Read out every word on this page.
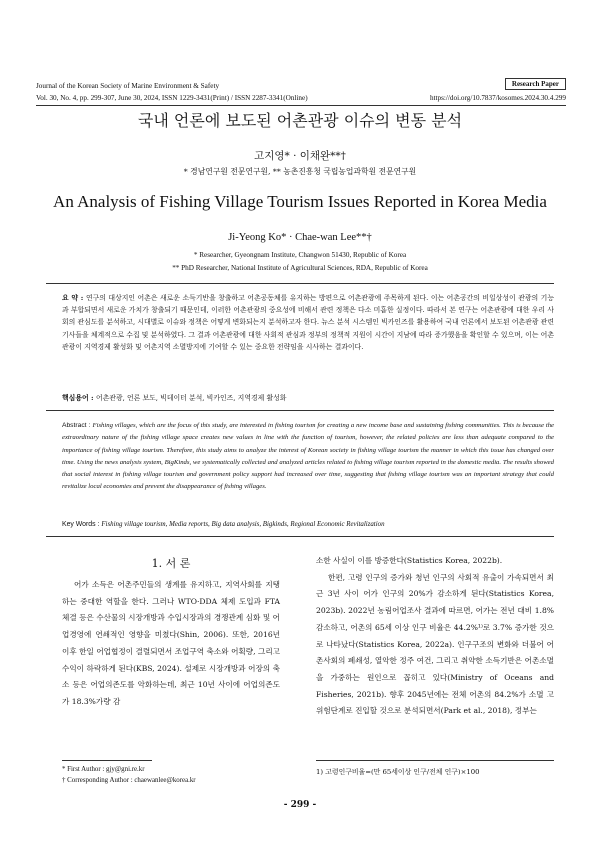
Journal of the Korean Society of Marine Environment & Safety	Research Paper
Vol. 30, No. 4, pp. 299-307, June 30, 2024, ISSN 1229-3431(Print) / ISSN 2287-3341(Online)	https://doi.org/10.7837/kosomes.2024.30.4.299
국내 언론에 보도된 어촌관광 이슈의 변동 분석
고지영* · 이채완**†
* 경남연구원 전문연구원, ** 농촌진흥청 국립농업과학원 전문연구원
An Analysis of Fishing Village Tourism Issues Reported in Korea Media
Ji-Yeong Ko* · Chae-wan Lee**†
* Researcher, Gyeongnam Institute, Changwon 51430, Republic of Korea
** PhD Researcher, National Institute of Agricultural Sciences, RDA, Republic of Korea
요 약 : 연구의 대상지인 어촌은 새로운 소득기반을 창출하고 어촌공동체를 유지하는 방편으로 어촌관광에 주목하게 된다. 이는 어촌공간의 비일상성이 관광의 기능과 부합되면서 새로운 가치가 창출되기 때문인데, 이러한 어촌관광의 중요성에 비해서 관련 정책은 다소 미흡한 실정이다. 따라서 본 연구는 어촌관광에 대한 우리 사회의 관심도를 분석하고, 시대별로 이슈와 정책은 어떻게 변화되는지 분석하고자 한다. 뉴스 분석 시스템인 빅카인즈를 활용하여 국내 언론에서 보도된 어촌관광 관련 기사들을 체계적으로 수집 및 분석하였다. 그 결과 어촌관광에 대한 사회적 관심과 정부의 정책적 지원이 시간이 지남에 따라 증가했음을 확인할 수 있으며, 이는 어촌관광이 지역경제 활성화 및 어촌지역 소멸방지에 기여할 수 있는 중요한 전략임을 시사하는 결과이다.
핵심용어 : 어촌관광, 언론 보도, 빅데이터 분석, 빅카인즈, 지역경제 활성화
Abstract : Fishing villages, which are the focus of this study, are interested in fishing tourism for creating a new income base and sustaining fishing communities. This is because the extraordinary nature of the fishing village space creates new values in line with the function of tourism, however, the related policies are less than adequate compared to the importance of fishing village tourism. Therefore, this study aims to analyze the interest of Korean society in fishing village tourism the manner in which this issue has changed over time. Using the news analysis system, BigKinds, we systematically collected and analyzed articles related to fishing village tourism reported in the domestic media. The results showed that social interest in fishing village tourism and government policy support had increased over time, suggesting that fishing village tourism was an important strategy that could revitalize local economies and prevent the disappearance of fishing villages.
Key Words : Fishing village tourism, Media reports, Big data analysis, Bigkinds, Regional Economic Revitalization
1. 서 론

어가 소득은 어촌주민들의 생계를 유지하고, 지역사회를 지탱하는 중대한 역할을 한다. 그러나 WTO·DDA 체제 도입과 FTA 체결 등은 수산물의 시장개방과 수입시장과의 경쟁관계 심화 및 어업경영에 연쇄적인 영향을 미쳤다(Shin, 2006). 또한, 2016년 이후 한일 어업협정이 결렬되면서 조업구역 축소와 어획량, 그리고 수익이 하락하게 된다(KBS, 2024). 설제로 시장개방과 어장의 축소 등은 어업의존도를 악화하는데, 최근 10년 사이에 어업의존도가 18.3%가량 감

소한 사실이 이를 방증한다(Statistics Korea, 2022b).

한편, 고령 인구의 증가와 청년 인구의 사회적 유출이 가속되면서 최근 3년 사이 어가 인구의 20%가 감소하게 된다(Statistics Korea, 2023b). 2022년 농림어업조사 결과에 따르면, 어가는 전년 대비 1.8% 감소하고, 어촌의 65세 이상 인구 비율은 44.2%¹⁾로 3.7% 증가한 것으로 나타났다(Statistics Korea, 2022a). 인구구조의 변화와 더불어 어촌사회의 폐쇄성, 열악한 정주 여건, 그리고 취약한 소득기반은 어촌소멸을 가중하는 원인으로 꼽히고 있다(Ministry of Oceans and Fisheries, 2021b). 향후 2045년에는 전체 어촌의 84.2%가 소멸 고위험단계로 진입할 것으로 분석되면서(Park et al., 2018), 정부는

* First Author : gjy@gni.re.kr
† Corresponding Author : chaewanlee@korea.kr
1) 고령인구비율=(만 65세이상 인구/전체 인구)×100
- 299 -
